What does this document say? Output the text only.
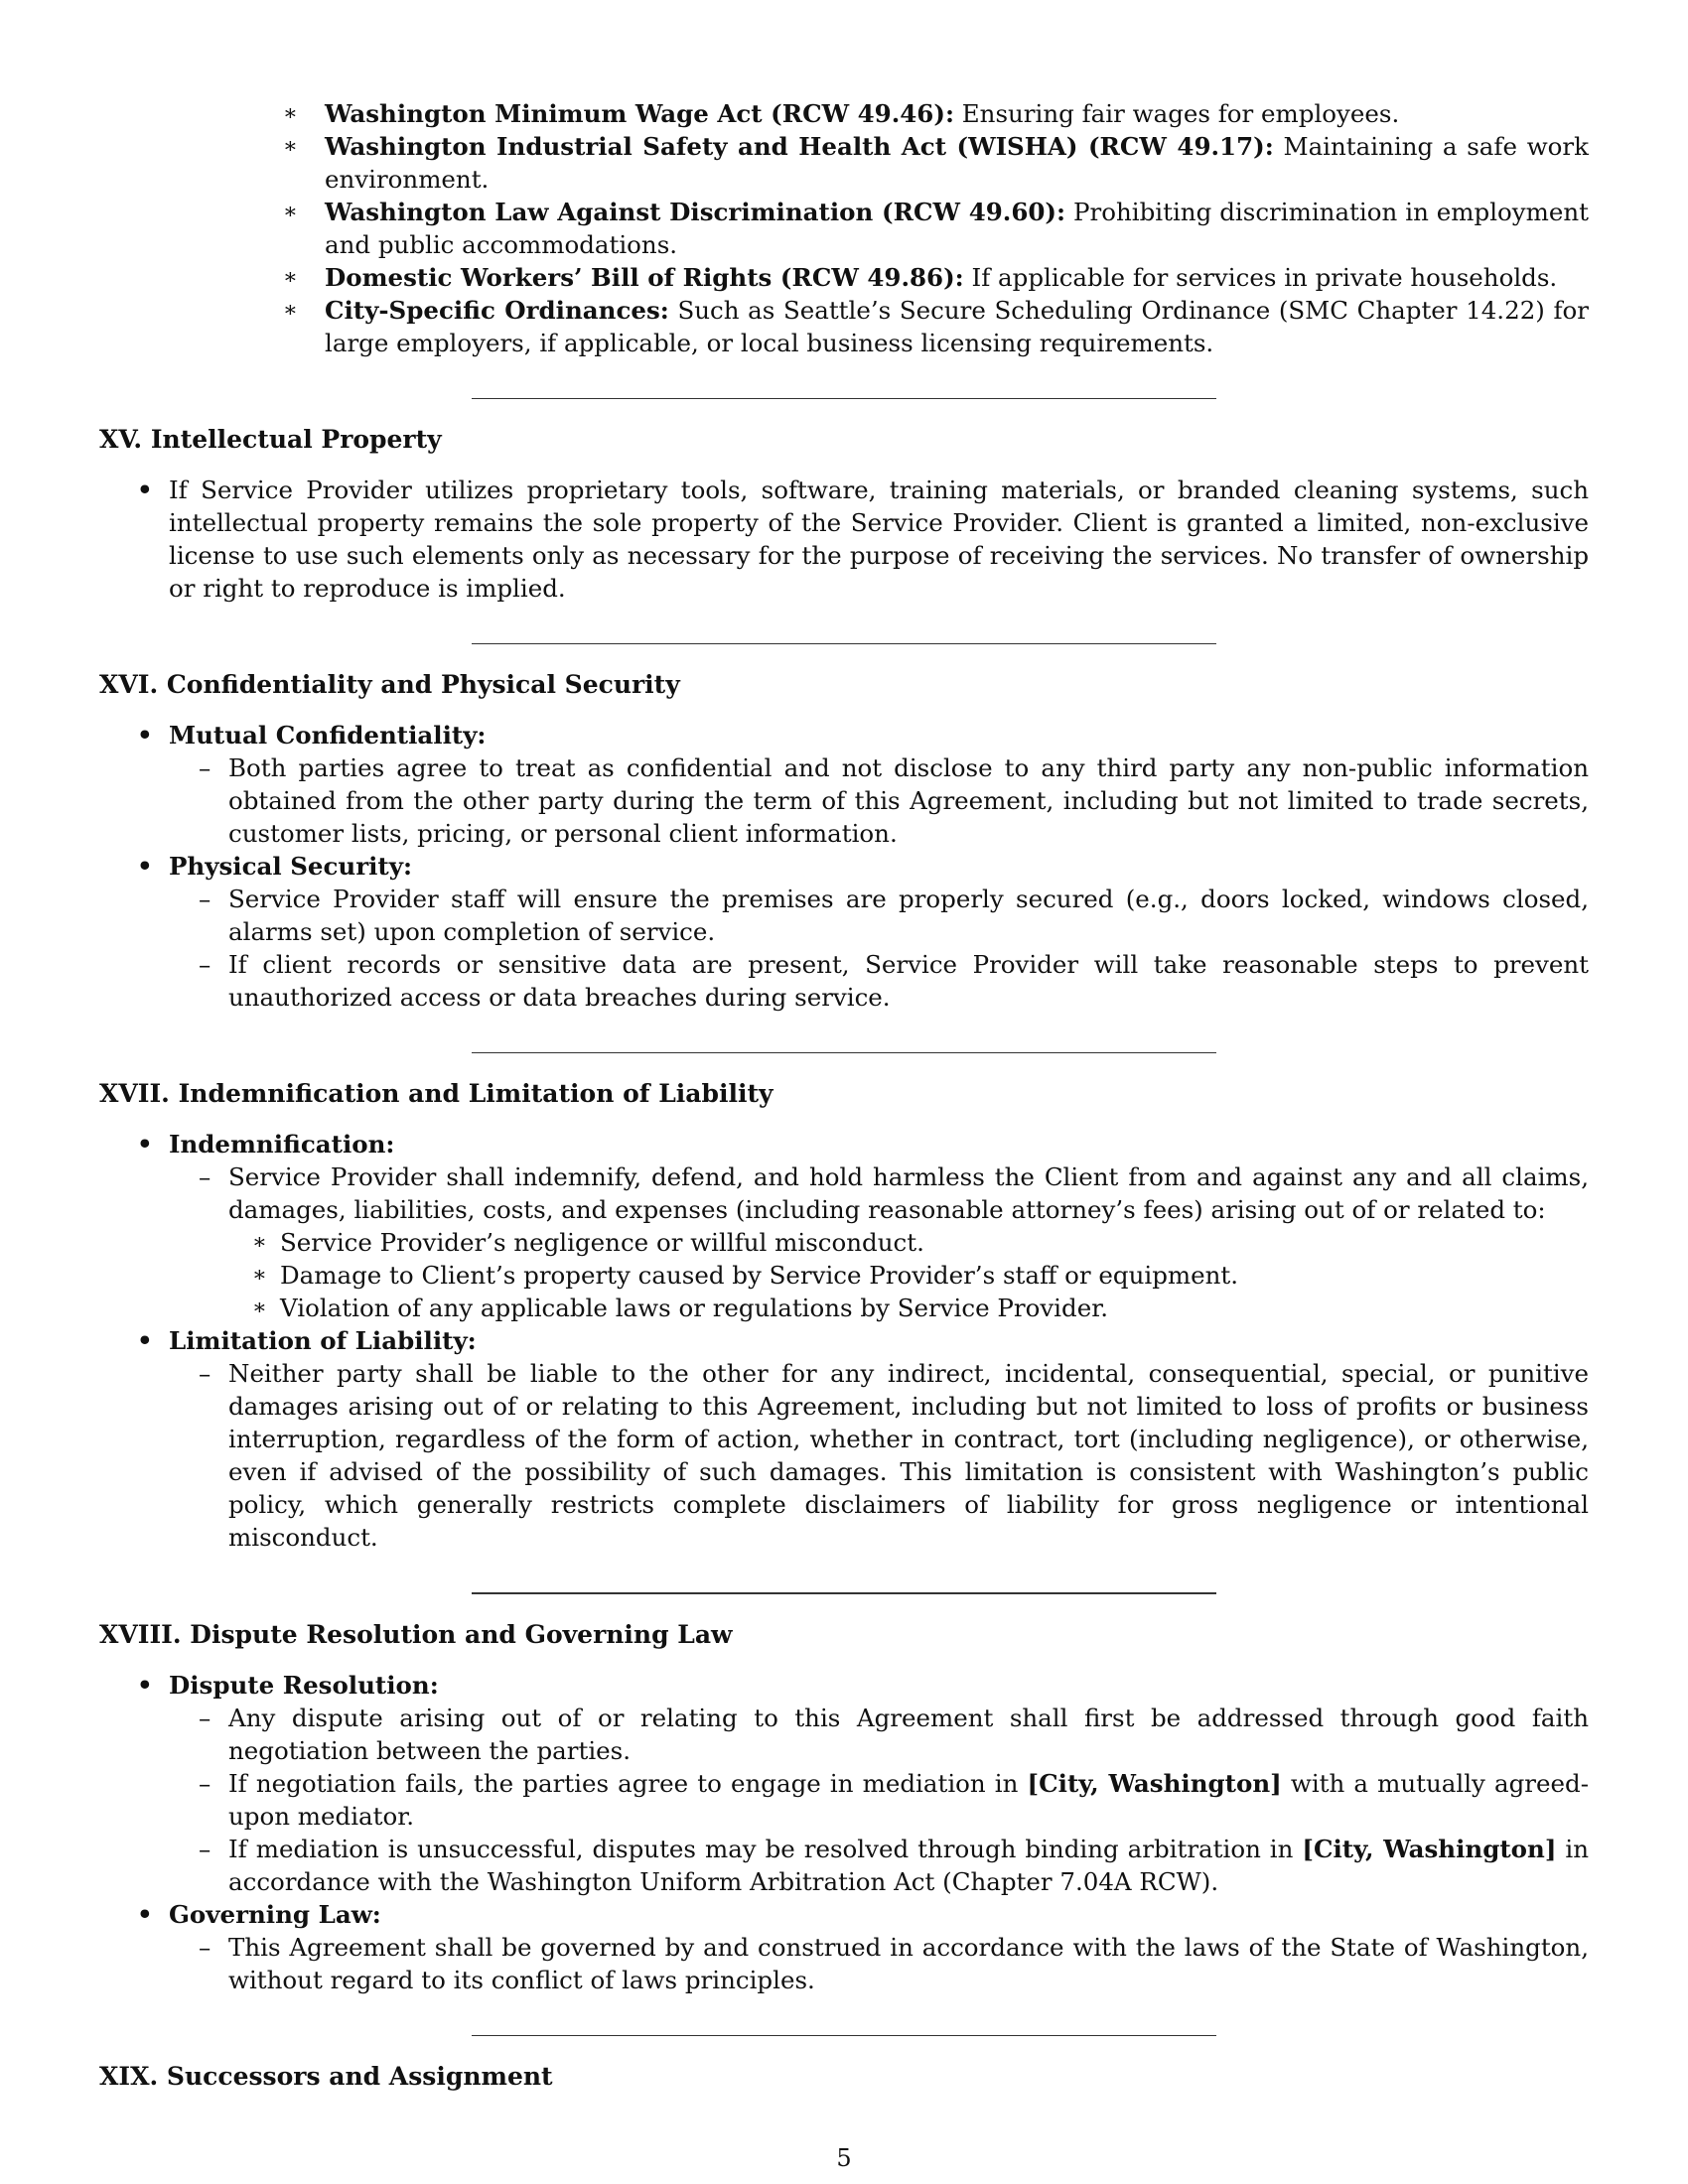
∗ Washington Minimum Wage Act (RCW 49.46): Ensuring fair wages for employees.
∗ Washington Industrial Safety and Health Act (WISHA) (RCW 49.17): Maintaining a safe work environment.
∗ Washington Law Against Discrimination (RCW 49.60): Prohibiting discrimination in employment and public accommodations.
∗ Domestic Workers’ Bill of Rights (RCW 49.86): If applicable for services in private households.
∗ City-Specific Ordinances: Such as Seattle’s Secure Scheduling Ordinance (SMC Chapter 14.22) for large employers, if applicable, or local business licensing requirements.
XV. Intellectual Property
• If Service Provider utilizes proprietary tools, software, training materials, or branded cleaning systems, such intellectual property remains the sole property of the Service Provider. Client is granted a limited, non-exclusive license to use such elements only as necessary for the purpose of receiving the services. No transfer of ownership or right to reproduce is implied.
XVI. Confidentiality and Physical Security
• Mutual Confidentiality:
– Both parties agree to treat as confidential and not disclose to any third party any non-public information obtained from the other party during the term of this Agreement, including but not limited to trade secrets, customer lists, pricing, or personal client information.
• Physical Security:
– Service Provider staff will ensure the premises are properly secured (e.g., doors locked, windows closed, alarms set) upon completion of service.
– If client records or sensitive data are present, Service Provider will take reasonable steps to prevent unauthorized access or data breaches during service.
XVII. Indemnification and Limitation of Liability
• Indemnification:
– Service Provider shall indemnify, defend, and hold harmless the Client from and against any and all claims, damages, liabilities, costs, and expenses (including reasonable attorney’s fees) arising out of or related to:
∗ Service Provider’s negligence or willful misconduct.
∗ Damage to Client’s property caused by Service Provider’s staff or equipment.
∗ Violation of any applicable laws or regulations by Service Provider.
• Limitation of Liability:
– Neither party shall be liable to the other for any indirect, incidental, consequential, special, or punitive damages arising out of or relating to this Agreement, including but not limited to loss of profits or business interruption, regardless of the form of action, whether in contract, tort (including negligence), or otherwise, even if advised of the possibility of such damages. This limitation is consistent with Washington’s public policy, which generally restricts complete disclaimers of liability for gross negligence or intentional misconduct.
XVIII. Dispute Resolution and Governing Law
• Dispute Resolution:
– Any dispute arising out of or relating to this Agreement shall first be addressed through good faith negotiation between the parties.
– If negotiation fails, the parties agree to engage in mediation in [City, Washington] with a mutually agreed-upon mediator.
– If mediation is unsuccessful, disputes may be resolved through binding arbitration in [City, Washington] in accordance with the Washington Uniform Arbitration Act (Chapter 7.04A RCW).
• Governing Law:
– This Agreement shall be governed by and construed in accordance with the laws of the State of Washington, without regard to its conflict of laws principles.
XIX. Successors and Assignment
5
